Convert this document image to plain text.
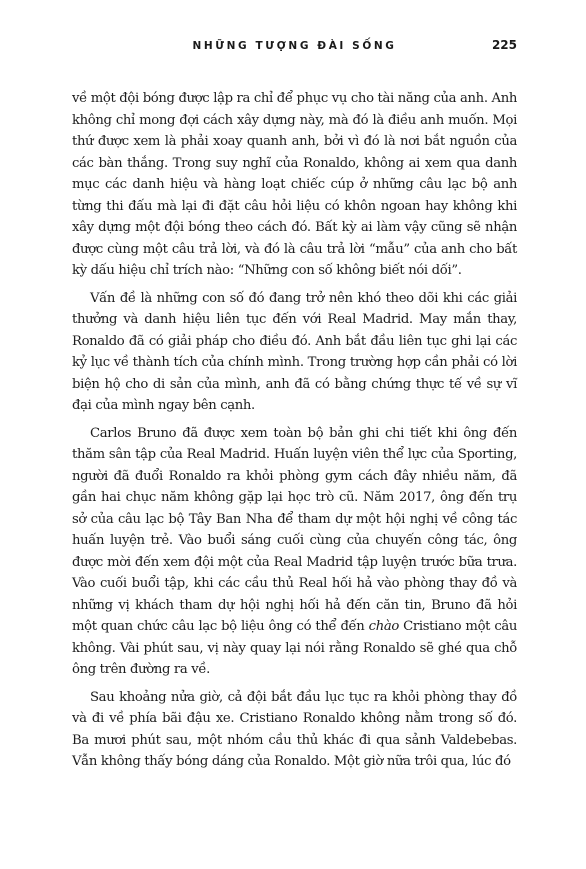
NHỮNG TƯỢNG ĐÀI SỐNG	225

về một đội bóng được lập ra chỉ để phục vụ cho tài năng của anh. Anh không chỉ mong đợi cách xây dựng này, mà đó là điều anh muốn. Mọi thứ được xem là phải xoay quanh anh, bởi vì đó là nơi bắt nguồn của các bàn thắng. Trong suy nghĩ của Ronaldo, không ai xem qua danh mục các danh hiệu và hàng loạt chiếc cúp ở những câu lạc bộ anh từng thi đấu mà lại đi đặt câu hỏi liệu có khôn ngoan hay không khi xây dựng một đội bóng theo cách đó. Bất kỳ ai làm vậy cũng sẽ nhận được cùng một câu trả lời, và đó là câu trả lời “mẫu” của anh cho bất kỳ dấu hiệu chỉ trích nào: “Những con số không biết nói dối”.

Vấn đề là những con số đó đang trở nên khó theo dõi khi các giải thưởng và danh hiệu liên tục đến với Real Madrid. May mắn thay, Ronaldo đã có giải pháp cho điều đó. Anh bắt đầu liên tục ghi lại các kỷ lục về thành tích của chính mình. Trong trường hợp cần phải có lời biện hộ cho di sản của mình, anh đã có bằng chứng thực tế về sự vĩ đại của mình ngay bên cạnh.

Carlos Bruno đã được xem toàn bộ bản ghi chi tiết khi ông đến thăm sân tập của Real Madrid. Huấn luyện viên thể lực của Sporting, người đã đuổi Ronaldo ra khỏi phòng gym cách đây nhiều năm, đã gần hai chục năm không gặp lại học trò cũ. Năm 2017, ông đến trụ sở của câu lạc bộ Tây Ban Nha để tham dự một hội nghị về công tác huấn luyện trẻ. Vào buổi sáng cuối cùng của chuyến công tác, ông được mời đến xem đội một của Real Madrid tập luyện trước bữa trưa. Vào cuối buổi tập, khi các cầu thủ Real hối hả vào phòng thay đồ và những vị khách tham dự hội nghị hối hả đến căn tin, Bruno đã hỏi một quan chức câu lạc bộ liệu ông có thể đến chào Cristiano một câu không. Vài phút sau, vị này quay lại nói rằng Ronaldo sẽ ghé qua chỗ ông trên đường ra về.

Sau khoảng nửa giờ, cả đội bắt đầu lục tục ra khỏi phòng thay đồ và đi về phía bãi đậu xe. Cristiano Ronaldo không nằm trong số đó. Ba mươi phút sau, một nhóm cầu thủ khác đi qua sảnh Valdebebas. Vẫn không thấy bóng dáng của Ronaldo. Một giờ nữa trôi qua, lúc đó
